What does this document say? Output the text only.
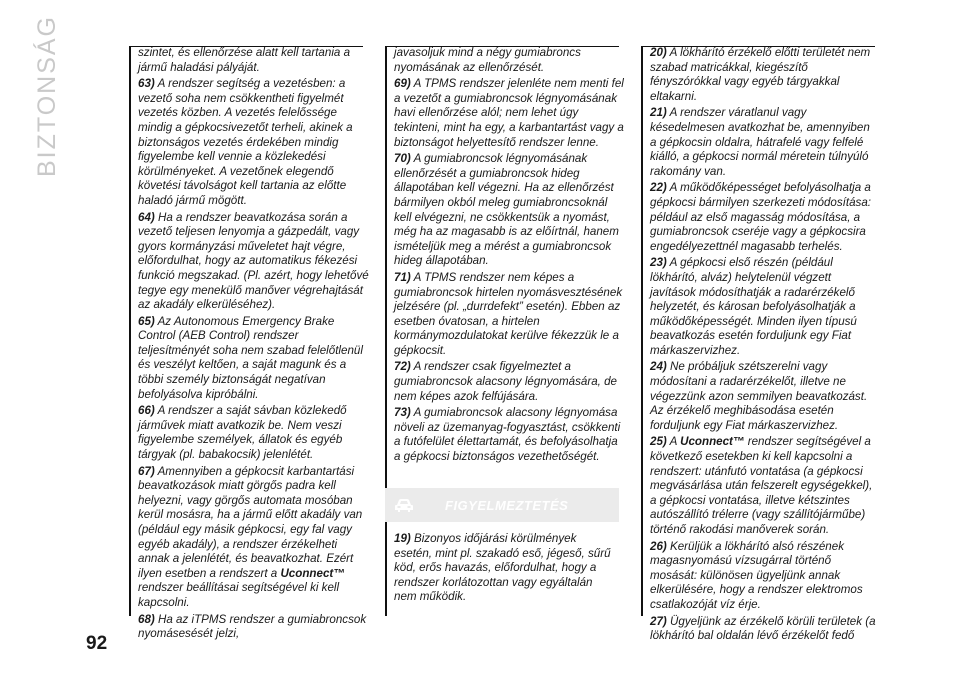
BIZTONSÁG	szintet, és ellenőrzése alatt kell tartania a jármű haladási pályáját.

63) A rendszer segítség a vezetésben: a vezető soha nem csökkentheti figyelmét vezetés közben. A vezetés felelőssége mindig a gépkocsivezetőt terheli, akinek a biztonságos vezetés érdekében mindig figyelembe kell vennie a közlekedési körülményeket. A vezetőnek elegendő követési távolságot kell tartania az előtte haladó jármű mögött.

64) Ha a rendszer beavatkozása során a vezető teljesen lenyomja a gázpedált, vagy gyors kormányzási műveletet hajt végre, előfordulhat, hogy az automatikus fékezési funkció megszakad. (Pl. azért, hogy lehetővé tegye egy menekülő manőver végrehajtását az akadály elkerüléséhez).

65) Az Autonomous Emergency Brake Control (AEB Control) rendszer teljesítményét soha nem szabad felelőtlenül és veszélyt keltően, a saját magunk és a többi személy biztonságát negatívan befolyásolva kipróbálni.

66) A rendszer a saját sávban közlekedő járművek miatt avatkozik be. Nem veszi figyelembe személyek, állatok és egyéb tárgyak (pl. babakocsik) jelenlétét.

67) Amennyiben a gépkocsit karbantartási beavatkozások miatt görgős padra kell helyezni, vagy görgős automata mosóban kerül mosásra, ha a jármű előtt akadály van (például egy másik gépkocsi, egy fal vagy egyéb akadály), a rendszer érzékelheti annak a jelenlétét, és beavatkozhat. Ezért ilyen esetben a rendszert a Uconnect™ rendszer beállításai segítségével ki kell kapcsolni.

68) Ha az iTPMS rendszer a gumiabroncsok nyomásesését jelzi,

javasoljuk mind a négy gumiabroncs nyomásának az ellenőrzését.

69) A TPMS rendszer jelenléte nem menti fel a vezetőt a gumiabroncsok légnyomásának havi ellenőrzése alól; nem lehet úgy tekinteni, mint ha egy, a karbantartást vagy a biztonságot helyettesítő rendszer lenne.

70) A gumiabroncsok légnyomásának ellenőrzését a gumiabroncsok hideg állapotában kell végezni. Ha az ellenőrzést bármilyen okból meleg gumiabroncsoknál kell elvégezni, ne csökkentsük a nyomást, még ha az magasabb is az előírtnál, hanem ismételjük meg a mérést a gumiabroncsok hideg állapotában.

71) A TPMS rendszer nem képes a gumiabroncsok hirtelen nyomásvesztésének jelzésére (pl. „durrdefekt” esetén). Ebben az esetben óvatosan, a hirtelen kormánymozdulatokat kerülve fékezzük le a gépkocsit.

72) A rendszer csak figyelmeztet a gumiabroncsok alacsony légnyomására, de nem képes azok felfújására.

73) A gumiabroncsok alacsony légnyomása növeli az üzemanyag-fogyasztást, csökkenti a futófelület élettartamát, és befolyásolhatja a gépkocsi biztonságos vezethetőségét.

FIGYELMEZTETÉS
19) Bizonyos időjárási körülmények esetén, mint pl. szakadó eső, jégeső, sűrű köd, erős havazás, előfordulhat, hogy a rendszer korlátozottan vagy egyáltalán nem működik.

20) A lökhárító érzékelő előtti területét nem szabad matricákkal, kiegészítő fényszórókkal vagy egyéb tárgyakkal eltakarni.

21) A rendszer váratlanul vagy késedelmesen avatkozhat be, amennyiben a gépkocsin oldalra, hátrafelé vagy felfelé kiálló, a gépkocsi normál méretein túlnyúló rakomány van.

22) A működőképességet befolyásolhatja a gépkocsi bármilyen szerkezeti módosítása: például az első magasság módosítása, a gumiabroncsok cseréje vagy a gépkocsira engedélyezettnél magasabb terhelés.

23) A gépkocsi első részén (például lökhárító, alváz) helytelenül végzett javítások módosíthatják a radarérzékelő helyzetét, és károsan befolyásolhatják a működőképességét. Minden ilyen típusú beavatkozás esetén forduljunk egy Fiat márkaszervizhez.

24) Ne próbáljuk szétszerelni vagy módosítani a radarérzékelőt, illetve ne végezzünk azon semmilyen beavatkozást. Az érzékelő meghibásodása esetén forduljunk egy Fiat márkaszervizhez.

25) A Uconnect™ rendszer segítségével a következő esetekben ki kell kapcsolni a rendszert: utánfutó vontatása (a gépkocsi megvásárlása után felszerelt egységekkel), a gépkocsi vontatása, illetve kétszintes autószállító trélerre (vagy szállítójárműbe) történő rakodási manőverek során.

26) Kerüljük a lökhárító alsó részének magasnyomású vízsugárral történő mosását: különösen ügyeljünk annak elkerülésére, hogy a rendszer elektromos csatlakozóját víz érje.

27) Ügyeljünk az érzékelő körüli területek (a lökhárító bal oldalán lévő érzékelőt fedő

92
